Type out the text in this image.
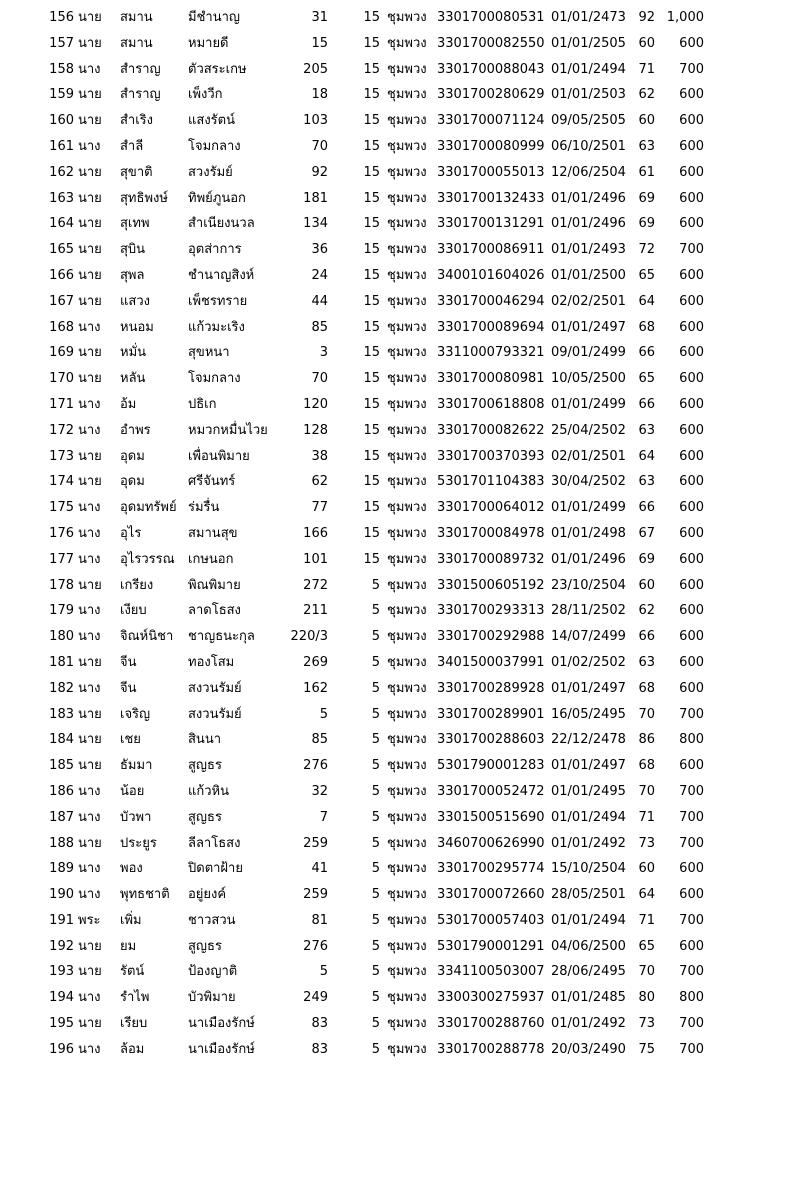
156 นาย	สมาน	มีชำนาญ	31	15 ชุมพวง 3301700080531 01/01/2473 92 1,000
157 นาย	สมาน	หมายดี	15	15 ชุมพวง 3301700082550 01/01/2505 60	600
158 นาง	สำราญ	ตัวสระเกษ	205	15 ชุมพวง 3301700088043 01/01/2494 71	700
159 นาย	สำราญ	เพ็งวีก	18	15 ชุมพวง 3301700280629 01/01/2503 62	600
160 นาย	สำเริง	แสงรัตน์	103	15 ชุมพวง 3301700071124 09/05/2505 60	600
161 นาง	สำลี	โจมกลาง	70	15 ชุมพวง 3301700080999 06/10/2501 63	600
162 นาย	สุขาติ	สวงรัมย์	92	15 ชุมพวง 3301700055013 12/06/2504 61	600
163 นาย	สุทธิพงษ์	ทิพย์ภูนอก	181	15 ชุมพวง 3301700132433 01/01/2496 69	600
164 นาย	สุเทพ	สำเนียงนวล	134	15 ชุมพวง 3301700131291 01/01/2496 69	600
165 นาย	สุบิน	อุตส่าการ	36	15 ชุมพวง 3301700086911 01/01/2493 72	700
166 นาย	สุพล	ชำนาญสิงห์	24	15 ชุมพวง 3400101604026 01/01/2500 65	600
167 นาย	แสวง	เพ็ชรทราย	44	15 ชุมพวง 3301700046294 02/02/2501 64	600
168 นาง	หนอม	แก้วมะเริง	85	15 ชุมพวง 3301700089694 01/01/2497 68	600
169 นาย	หมั่น	สุขหนา	3	15 ชุมพวง 3311000793321 09/01/2499 66	600
170 นาย	หลัน	โจมกลาง	70	15 ชุมพวง 3301700080981 10/05/2500 65	600
171 นาง	อ้ม	ปธิเก	120	15 ชุมพวง 3301700618808 01/01/2499 66	600
172 นาง	อำพร	หมวกหมื่นไวย	128	15 ชุมพวง 3301700082622 25/04/2502 63	600
173 นาย	อุดม	เพื่อนพิมาย	38	15 ชุมพวง 3301700370393 02/01/2501 64	600
174 นาย	อุดม	ศรีจันทร์	62	15 ชุมพวง 5301701104383 30/04/2502 63	600
175 นาง	อุดมทรัพย์ ร่มรื่น	77	15 ชุมพวง 3301700064012 01/01/2499 66	600
176 นาง	อุไร	สมานสุข	166	15 ชุมพวง 3301700084978 01/01/2498 67	600
177 นาง	อุไรวรรณ	เกษนอก	101	15 ชุมพวง 3301700089732 01/01/2496 69	600
178 นาย	เกรียง	พิณพิมาย	272	5 ชุมพวง 3301500605192 23/10/2504 60	600
179 นาง	เงียบ	ลาดโธสง	211	5 ชุมพวง 3301700293313 28/11/2502 62	600
180 นาง	จิณห์นิชา	ชาญธนะกุล	220/3	5 ชุมพวง 3301700292988 14/07/2499 66	600
181 นาย	จีน	ทองโสม	269	5 ชุมพวง 3401500037991 01/02/2502 63	600
182 นาง	จีน	สงวนรัมย์	162	5 ชุมพวง 3301700289928 01/01/2497 68	600
183 นาย	เจริญ	สงวนรัมย์	5	5 ชุมพวง 3301700289901 16/05/2495 70	700
184 นาย	เชย	สินนา	85	5 ชุมพวง 3301700288603 22/12/2478 86	800
185 นาย	ธัมมา	สูญธร	276	5 ชุมพวง 5301790001283 01/01/2497 68	600
186 นาง	น้อย	แก้วหิน	32	5 ชุมพวง 3301700052472 01/01/2495 70	700
187 นาง	บัวพา	สูญธร	7	5 ชุมพวง 3301500515690 01/01/2494 71	700
188 นาย	ประยูร	ลีลาโธสง	259	5 ชุมพวง 3460700626990 01/01/2492 73	700
189 นาง	พอง	ปิดตาฝ้าย	41	5 ชุมพวง 3301700295774 15/10/2504 60	600
190 นาง	พุทธชาติ	อยู่ยงค์	259	5 ชุมพวง 3301700072660 28/05/2501 64	600
191 พระ	เพิ่ม	ชาวสวน	81	5 ชุมพวง 5301700057403 01/01/2494 71	700
192 นาย	ยม	สูญธร	276	5 ชุมพวง 5301790001291 04/06/2500 65	600
193 นาย	รัตน์	ป้องญาติ	5	5 ชุมพวง 3341100503007 28/06/2495 70	700
194 นาง	รำไพ	บัวพิมาย	249	5 ชุมพวง 3300300275937 01/01/2485 80	800
195 นาย	เรียบ	นาเมืองรักษ์	83	5 ชุมพวง 3301700288760 01/01/2492 73	700
196 นาง	ล้อม	นาเมืองรักษ์	83	5 ชุมพวง 3301700288778 20/03/2490 75	700
